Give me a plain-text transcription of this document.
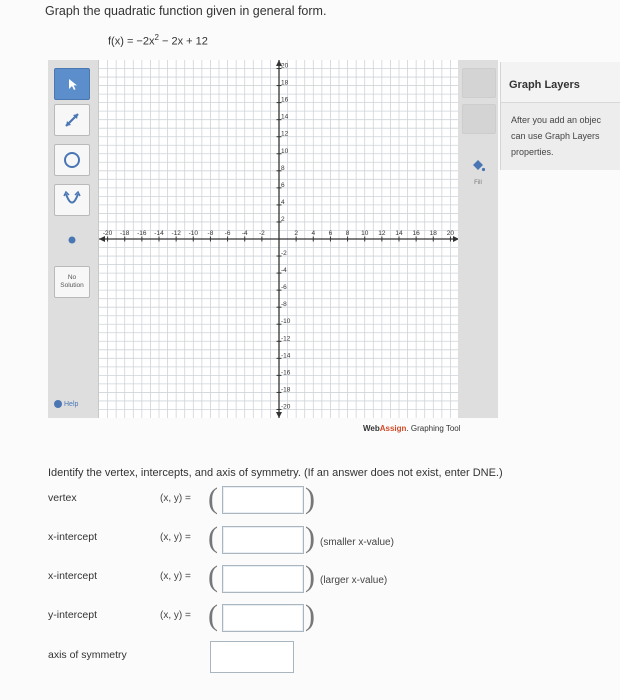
Graph the quadratic function given in general form.
$f(x) = -2x^2 - 2x + 12$
No
Solution
Help
-20 -18 -16 -14 -12 -10 -8 -6 -4 -2	2 4 6 8 10 12 14 16 18 20
20
18
16
14
12
10
8
6
4
2
-2
-4
-6
-8
-10
-12
-14
-16
-18
-20
Fill
Graph Layers
After you add an objec
can use Graph Layers
properties.
WebAssign. Graphing Tool
Identify the vertex, intercepts, and axis of symmetry. (If an answer does not exist, enter DNE.)
vertex	(x, y) = (	)
x-intercept	(x, y) = (	) (smaller x-value)
x-intercept	(x, y) = (	) (larger x-value)
y-intercept	(x, y) = (	)
axis of symmetry
